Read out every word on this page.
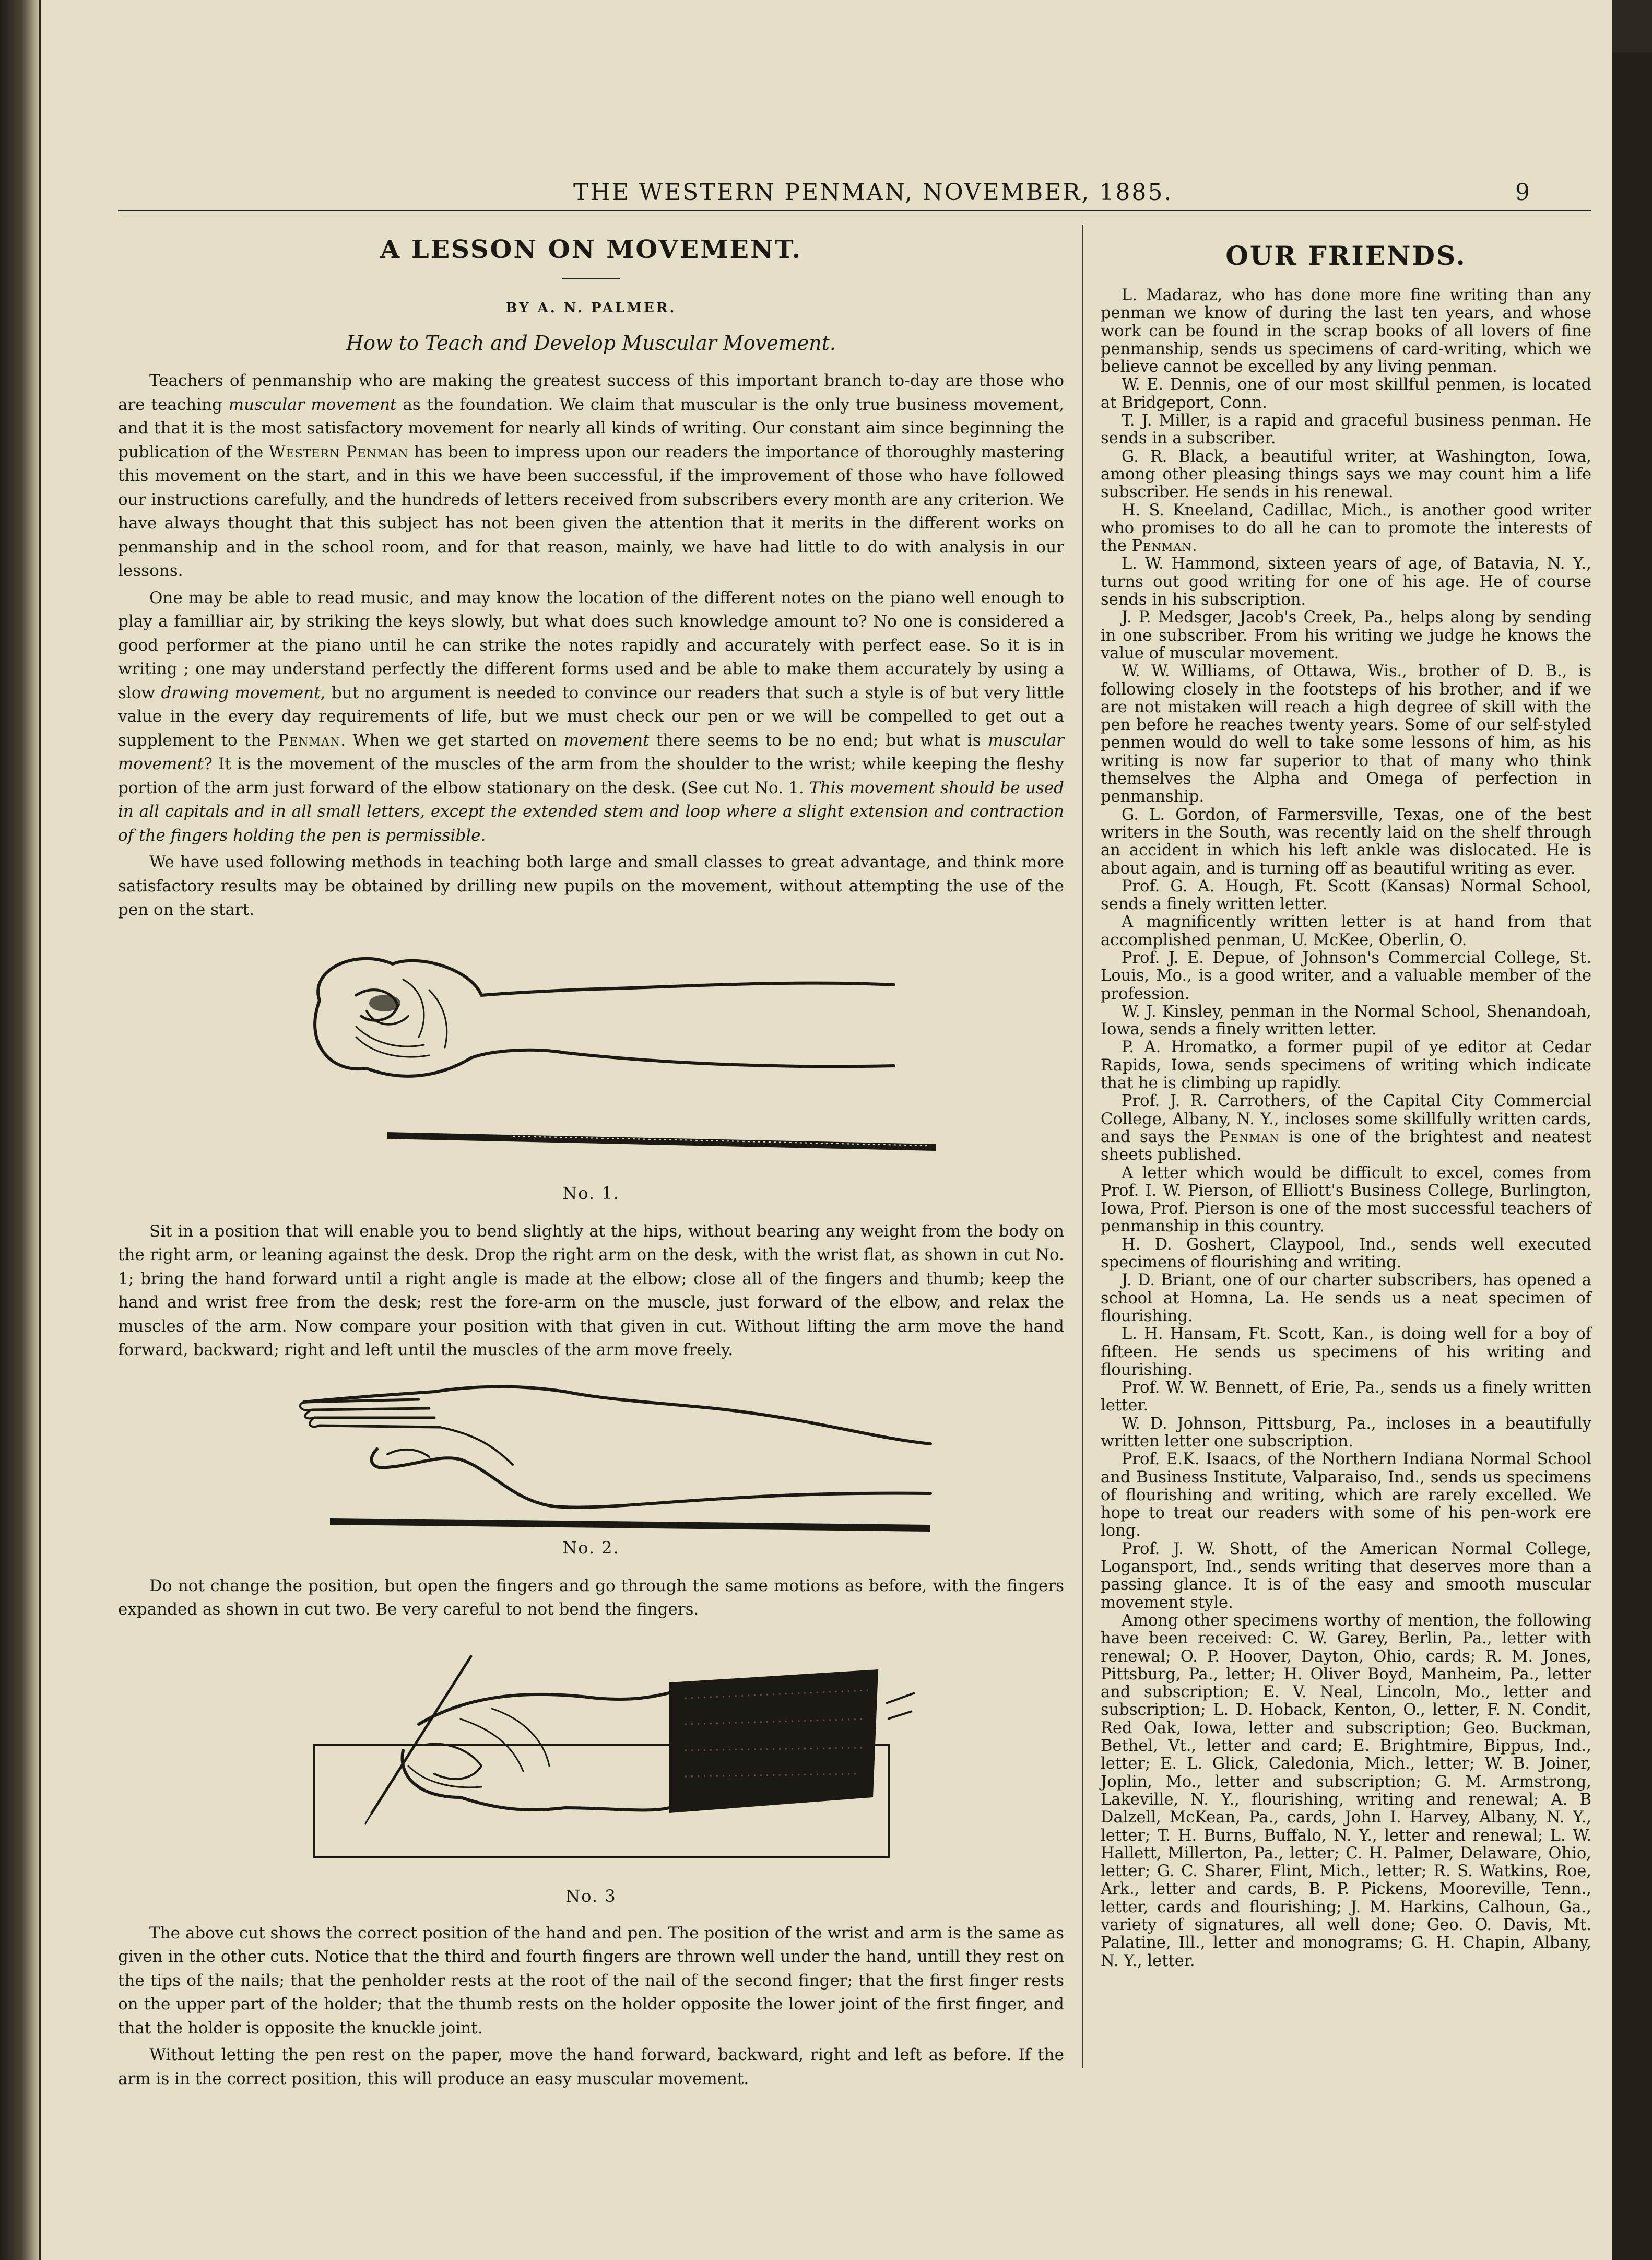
THE WESTERN PENMAN, NOVEMBER, 1885.	9
A LESSON ON MOVEMENT.
BY A. N. PALMER.
How to Teach and Develop Muscular Movement.

Teachers of penmanship who are making the greatest success of this important branch to-day are those who are teaching muscular movement as the foundation. We claim that muscular is the only true business movement, and that it is the most satisfactory movement for nearly all kinds of writing. Our constant aim since beginning the publication of the Western Penman has been to impress upon our readers the importance of thoroughly mastering this movement on the start, and in this we have been successful, if the improvement of those who have followed our instructions carefully, and the hundreds of letters received from subscribers every month are any criterion. We have always thought that this subject has not been given the attention that it merits in the different works on penmanship and in the school room, and for that reason, mainly, we have had little to do with analysis in our lessons.

One may be able to read music, and may know the location of the different notes on the piano well enough to play a familliar air, by striking the keys slowly, but what does such knowledge amount to? No one is considered a good performer at the piano until he can strike the notes rapidly and accurately with perfect ease. So it is in writing ; one may understand perfectly the different forms used and be able to make them accurately by using a slow drawing movement, but no argument is needed to convince our readers that such a style is of but very little value in the every day requirements of life, but we must check our pen or we will be compelled to get out a supplement to the Penman. When we get started on movement there seems to be no end; but what is muscular movement? It is the movement of the muscles of the arm from the shoulder to the wrist; while keeping the fleshy portion of the arm just forward of the elbow stationary on the desk. (See cut No. 1. This movement should be used in all capitals and in all small letters, except the extended stem and loop where a slight extension and contraction of the fingers holding the pen is permissible.

We have used following methods in teaching both large and small classes to great advantage, and think more satisfactory results may be obtained by drilling new pupils on the movement, without attempting the use of the pen on the start.

No. 1.

Sit in a position that will enable you to bend slightly at the hips, without bearing any weight from the body on the right arm, or leaning against the desk. Drop the right arm on the desk, with the wrist flat, as shown in cut No. 1; bring the hand forward until a right angle is made at the elbow; close all of the fingers and thumb; keep the hand and wrist free from the desk; rest the fore-arm on the muscle, just forward of the elbow, and relax the muscles of the arm. Now compare your position with that given in cut. Without lifting the arm move the hand forward, backward; right and left until the muscles of the arm move freely.

No. 2.

Do not change the position, but open the fingers and go through the same motions as before, with the fingers expanded as shown in cut two. Be very careful to not bend the fingers.

No. 3

The above cut shows the correct position of the hand and pen. The position of the wrist and arm is the same as given in the other cuts. Notice that the third and fourth fingers are thrown well under the hand, untill they rest on the tips of the nails; that the penholder rests at the root of the nail of the second finger; that the first finger rests on the upper part of the holder; that the thumb rests on the holder opposite the lower joint of the first finger, and that the holder is opposite the knuckle joint.

Without letting the pen rest on the paper, move the hand forward, backward, right and left as before. If the arm is in the correct position, this will produce an easy muscular movement.

OUR FRIENDS.

L. Madaraz, who has done more fine writing than any penman we know of during the last ten years, and whose work can be found in the scrap books of all lovers of fine penmanship, sends us specimens of card-writing, which we believe cannot be excelled by any living penman.

W. E. Dennis, one of our most skillful penmen, is located at Bridgeport, Conn.

T. J. Miller, is a rapid and graceful business penman. He sends in a subscriber.

G. R. Black, a beautiful writer, at Washington, Iowa, among other pleasing things says we may count him a life subscriber. He sends in his renewal.

H. S. Kneeland, Cadillac, Mich., is another good writer who promises to do all he can to promote the interests of the Penman.

L. W. Hammond, sixteen years of age, of Batavia, N. Y., turns out good writing for one of his age. He of course sends in his subscription.

J. P. Medsger, Jacob's Creek, Pa., helps along by sending in one subscriber. From his writing we judge he knows the value of muscular movement.

W. W. Williams, of Ottawa, Wis., brother of D. B., is following closely in the footsteps of his brother, and if we are not mistaken will reach a high degree of skill with the pen before he reaches twenty years. Some of our self-styled penmen would do well to take some lessons of him, as his writing is now far superior to that of many who think themselves the Alpha and Omega of perfection in penmanship.

G. L. Gordon, of Farmersville, Texas, one of the best writers in the South, was recently laid on the shelf through an accident in which his left ankle was dislocated. He is about again, and is turning off as beautiful writing as ever.

Prof. G. A. Hough, Ft. Scott (Kansas) Normal School, sends a finely written letter.

A magnificently written letter is at hand from that accomplished penman, U. McKee, Oberlin, O.

Prof. J. E. Depue, of Johnson's Commercial College, St. Louis, Mo., is a good writer, and a valuable member of the profession.

W. J. Kinsley, penman in the Normal School, Shenandoah, Iowa, sends a finely written letter.

P. A. Hromatko, a former pupil of ye editor at Cedar Rapids, Iowa, sends specimens of writing which indicate that he is climbing up rapidly.

Prof. J. R. Carrothers, of the Capital City Commercial College, Albany, N. Y., incloses some skillfully written cards, and says the Penman is one of the brightest and neatest sheets published.

A letter which would be difficult to excel, comes from Prof. I. W. Pierson, of Elliott's Business College, Burlington, Iowa, Prof. Pierson is one of the most successful teachers of penmanship in this country.

H. D. Goshert, Claypool, Ind., sends well executed specimens of flourishing and writing.

J. D. Briant, one of our charter subscribers, has opened a school at Homna, La. He sends us a neat specimen of flourishing.

L. H. Hansam, Ft. Scott, Kan., is doing well for a boy of fifteen. He sends us specimens of his writing and flourishing.

Prof. W. W. Bennett, of Erie, Pa., sends us a finely written letter.

W. D. Johnson, Pittsburg, Pa., incloses in a beautifully written letter one subscription.

Prof. E.K. Isaacs, of the Northern Indiana Normal School and Business Institute, Valparaiso, Ind., sends us specimens of flourishing and writing, which are rarely excelled. We hope to treat our readers with some of his pen-work ere long.

Prof. J. W. Shott, of the American Normal College, Logansport, Ind., sends writing that deserves more than a passing glance. It is of the easy and smooth muscular movement style.

Among other specimens worthy of mention, the following have been received: C. W. Garey, Berlin, Pa., letter with renewal; O. P. Hoover, Dayton, Ohio, cards; R. M. Jones, Pittsburg, Pa., letter; H. Oliver Boyd, Manheim, Pa., letter and subscription; E. V. Neal, Lincoln, Mo., letter and subscription; L. D. Hoback, Kenton, O., letter, F. N. Condit, Red Oak, Iowa, letter and subscription; Geo. Buckman, Bethel, Vt., letter and card; E. Brightmire, Bippus, Ind., letter; E. L. Glick, Caledonia, Mich., letter; W. B. Joiner, Joplin, Mo., letter and subscription; G. M. Armstrong, Lakeville, N. Y., flourishing, writing and renewal; A. B Dalzell, McKean, Pa., cards, John I. Harvey, Albany, N. Y., letter; T. H. Burns, Buffalo, N. Y., letter and renewal; L. W. Hallett, Millerton, Pa., letter; C. H. Palmer, Delaware, Ohio, letter; G. C. Sharer, Flint, Mich., letter; R. S. Watkins, Roe, Ark., letter and cards, B. P. Pickens, Mooreville, Tenn., letter, cards and flourishing; J. M. Harkins, Calhoun, Ga., variety of signatures, all well done; Geo. O. Davis, Mt. Palatine, Ill., letter and monograms; G. H. Chapin, Albany, N. Y., letter.
